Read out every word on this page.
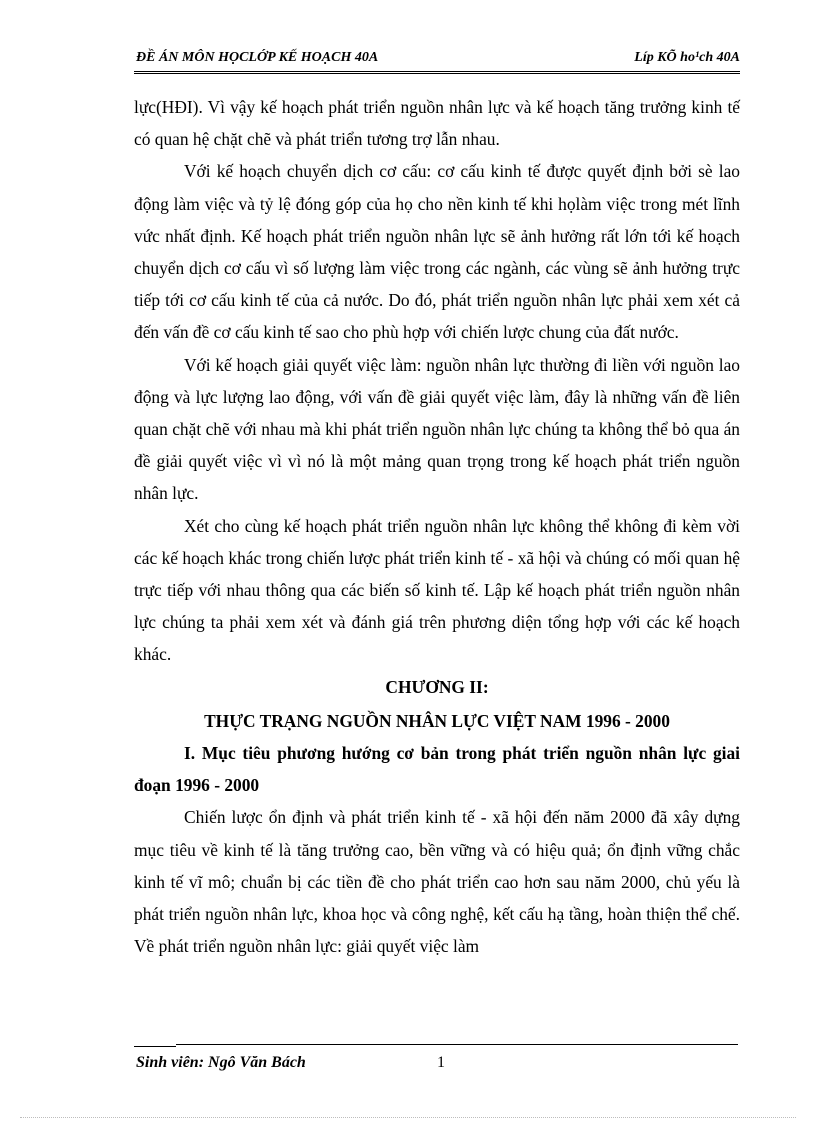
ĐỀ ÁN MÔN HỌCLỚP KẾ HOẠCH 40A	Líp KÕ ho¹ch 40A

lực(HĐI). Vì vậy kế hoạch phát triển nguồn nhân lực và kế hoạch tăng trưởng kinh tế có quan hệ chặt chẽ và phát triển tương trợ lẫn nhau.

Với kế hoạch chuyển dịch cơ cấu: cơ cấu kinh tế được quyết định bởi sè lao động làm việc và tỷ lệ đóng góp của họ cho nền kinh tế khi họlàm việc trong mét lĩnh vức nhất định. Kế hoạch phát triển nguồn nhân lực sẽ ảnh hưởng rất lớn tới kế hoạch chuyển dịch cơ cấu vì số lượng làm việc trong các ngành, các vùng sẽ ảnh hưởng trực tiếp tới cơ cấu kinh tế của cả nước. Do đó, phát triển nguồn nhân lực phải xem xét cả đến vấn đề cơ cấu kinh tế sao cho phù hợp với chiến lược chung của đất nước.

Với kế hoạch giải quyết việc làm: nguồn nhân lực thường đi liền với nguồn lao động và lực lượng lao động, với vấn đề giải quyết việc làm, đây là những vấn đề liên quan chặt chẽ với nhau mà khi phát triển nguồn nhân lực chúng ta không thể bỏ qua án đề giải quyết việc vì vì nó là một mảng quan trọng trong kế hoạch phát triển nguồn nhân lực.

Xét cho cùng kế hoạch phát triển nguồn nhân lực không thể không đi kèm vời các kế hoạch khác trong chiến lược phát triển kinh tế - xã hội và chúng có mối quan hệ trực tiếp với nhau thông qua các biến số kinh tế. Lập kế hoạch phát triển nguồn nhân lực chúng ta phải xem xét và đánh giá trên phương diện tổng hợp với các kế hoạch khác.

CHƯƠNG II:
THỰC TRẠNG NGUỒN NHÂN LỰC VIỆT NAM 1996 - 2000

I. Mục tiêu phương hướng cơ bản trong phát triển nguồn nhân lực giai đoạn 1996 - 2000

Chiến lược ổn định và phát triển kinh tế - xã hội đến năm 2000 đã xây dựng mục tiêu về kinh tế là tăng trưởng cao, bền vững và có hiệu quả; ổn định vững chắc kinh tế vĩ mô; chuẩn bị các tiền đề cho phát triển cao hơn sau năm 2000, chủ yếu là phát triển nguồn nhân lực, khoa học và công nghệ, kết cấu hạ tầng, hoàn thiện thể chế. Về phát triển nguồn nhân lực: giải quyết việc làm

Sinh viên: Ngô Văn Bách	1
